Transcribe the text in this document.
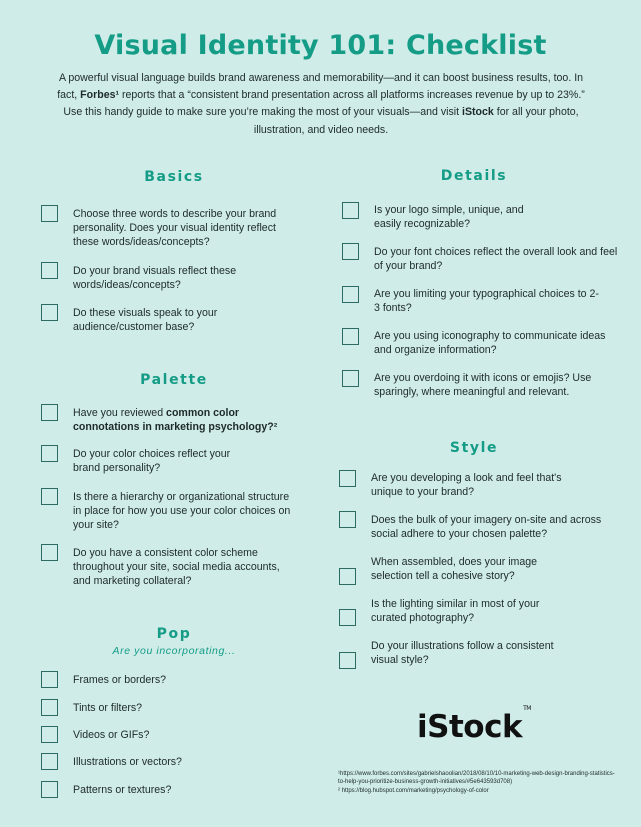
Visual Identity 101: Checklist
A powerful visual language builds brand awareness and memorability—and it can boost business results, too. In fact, Forbes¹ reports that a “consistent brand presentation across all platforms increases revenue by up to 23%.” Use this handy guide to make sure you’re making the most of your visuals—and visit iStock for all your photo, illustration, and video needs.
Basics
Choose three words to describe your brand personality. Does your visual identity reflect these words/ideas/concepts?
Do your brand visuals reflect these words/ideas/concepts?
Do these visuals speak to your audience/customer base?
Palette
Have you reviewed common color connotations in marketing psychology?²
Do your color choices reflect your brand personality?
Is there a hierarchy or organizational structure in place for how you use your color choices on your site?
Do you have a consistent color scheme throughout your site, social media accounts, and marketing collateral?
Pop
Are you incorporating...
Frames or borders?
Tints or filters?
Videos or GIFs?
Illustrations or vectors?
Patterns or textures?
Details
Is your logo simple, unique, and easily recognizable?
Do your font choices reflect the overall look and feel of your brand?
Are you limiting your typographical choices to 2-3 fonts?
Are you using iconography to communicate ideas and organize information?
Are you overdoing it with icons or emojis? Use sparingly, where meaningful and relevant.
Style
Are you developing a look and feel that's unique to your brand?
Does the bulk of your imagery on-site and across social adhere to your chosen palette?
When assembled, does your image selection tell a cohesive story?
Is the lighting similar in most of your curated photography?
Do your illustrations follow a consistent visual style?
iStock™
¹https://www.forbes.com/sites/gabrielshaoolian/2018/08/10/10-marketing-web-design-branding-statistics-to-help-you-prioritize-business-growth-initiatives/#5e643593d708)
² https://blog.hubspot.com/marketing/psychology-of-color
